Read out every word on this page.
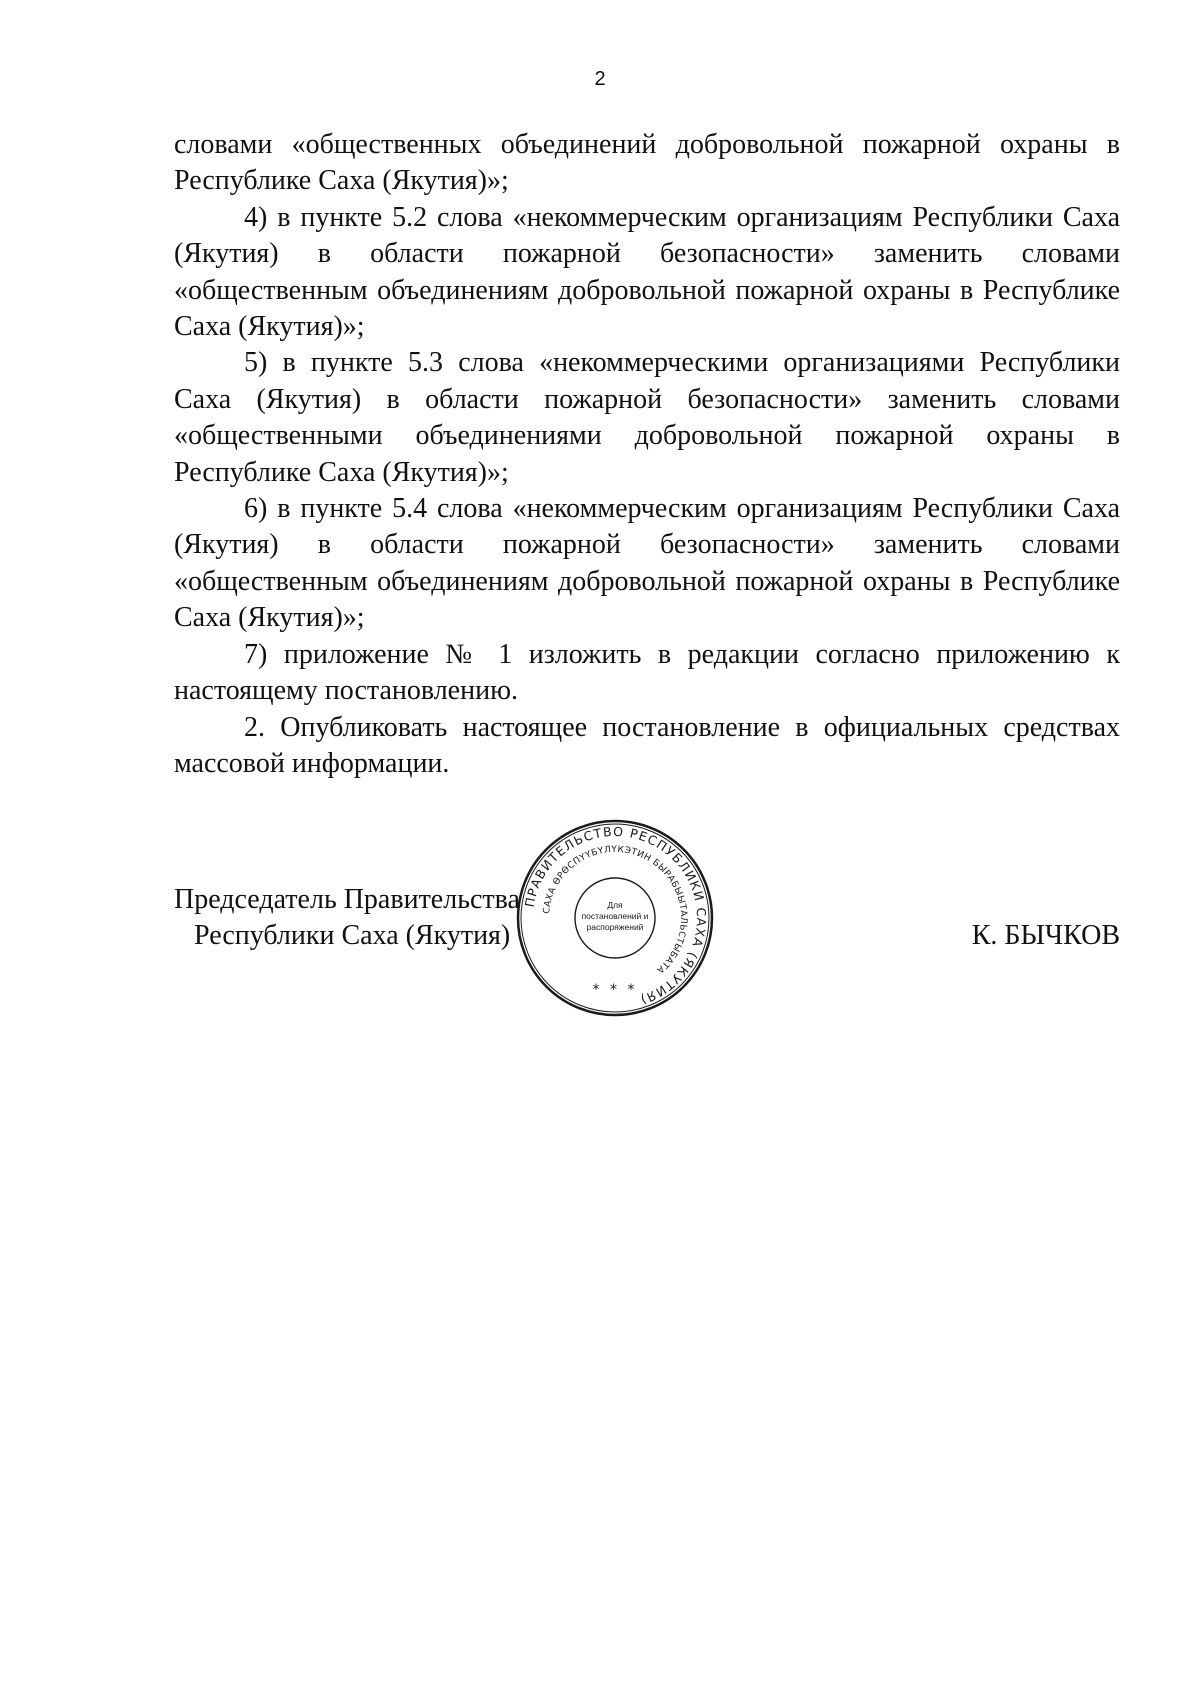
2

словами «общественных объединений добровольной пожарной охраны в Республике Саха (Якутия)»;

4) в пункте 5.2 слова «некоммерческим организациям Республики Саха (Якутия) в области пожарной безопасности» заменить словами «общественным объединениям добровольной пожарной охраны в Республике Саха (Якутия)»;

5) в пункте 5.3 слова «некоммерческими организациями Республики Саха (Якутия) в области пожарной безопасности» заменить словами «общественными объединениями добровольной пожарной охраны в Республике Саха (Якутия)»;

6) в пункте 5.4 слова «некоммерческим организациям Республики Саха (Якутия) в области пожарной безопасности» заменить словами «общественным объединениям добровольной пожарной охраны в Республике Саха (Якутия)»;

7) приложение № 1 изложить в редакции согласно приложению к настоящему постановлению.

2. Опубликовать настоящее постановление в официальных средствах массовой информации.

Председатель Правительства
Республики Саха (Якутия)	К. БЫЧКОВ
ПРАВИТЕЛЬСТВО РЕСПУБЛИКИ САХА (ЯКУТИЯ)
САХА ӨРӨСПҮҮБҮЛҮКЭТИН БЫРАБЫЫТАЛЬСТЫБАТА
Для
постановлений и
распоряжений
* * *
